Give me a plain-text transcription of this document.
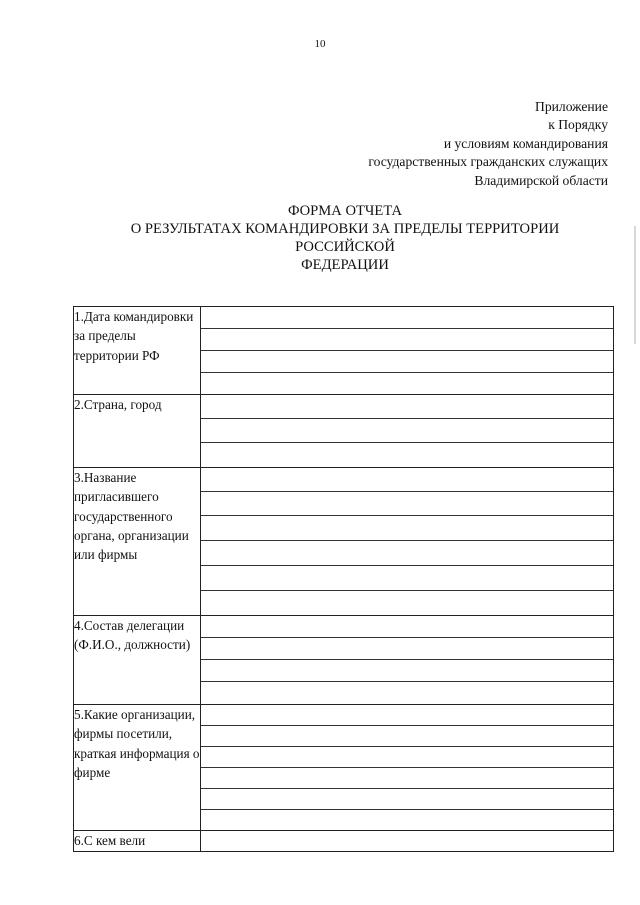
10
Приложение
к Порядку
и условиям командирования
государственных гражданских служащих
Владимирской области
ФОРМА ОТЧЕТА
О РЕЗУЛЬТАТАХ КОМАНДИРОВКИ ЗА ПРЕДЕЛЫ ТЕРРИТОРИИ
РОССИЙСКОЙ
ФЕДЕРАЦИИ
1.Дата командировки за пределы территории РФ	

2.Страна, город	

3.Название пригласившего государственного органа, организации или фирмы	

4.Состав делегации (Ф.И.О., должности)	

5.Какие организации, фирмы посетили, краткая информация о фирме	

6.С кем вели	
